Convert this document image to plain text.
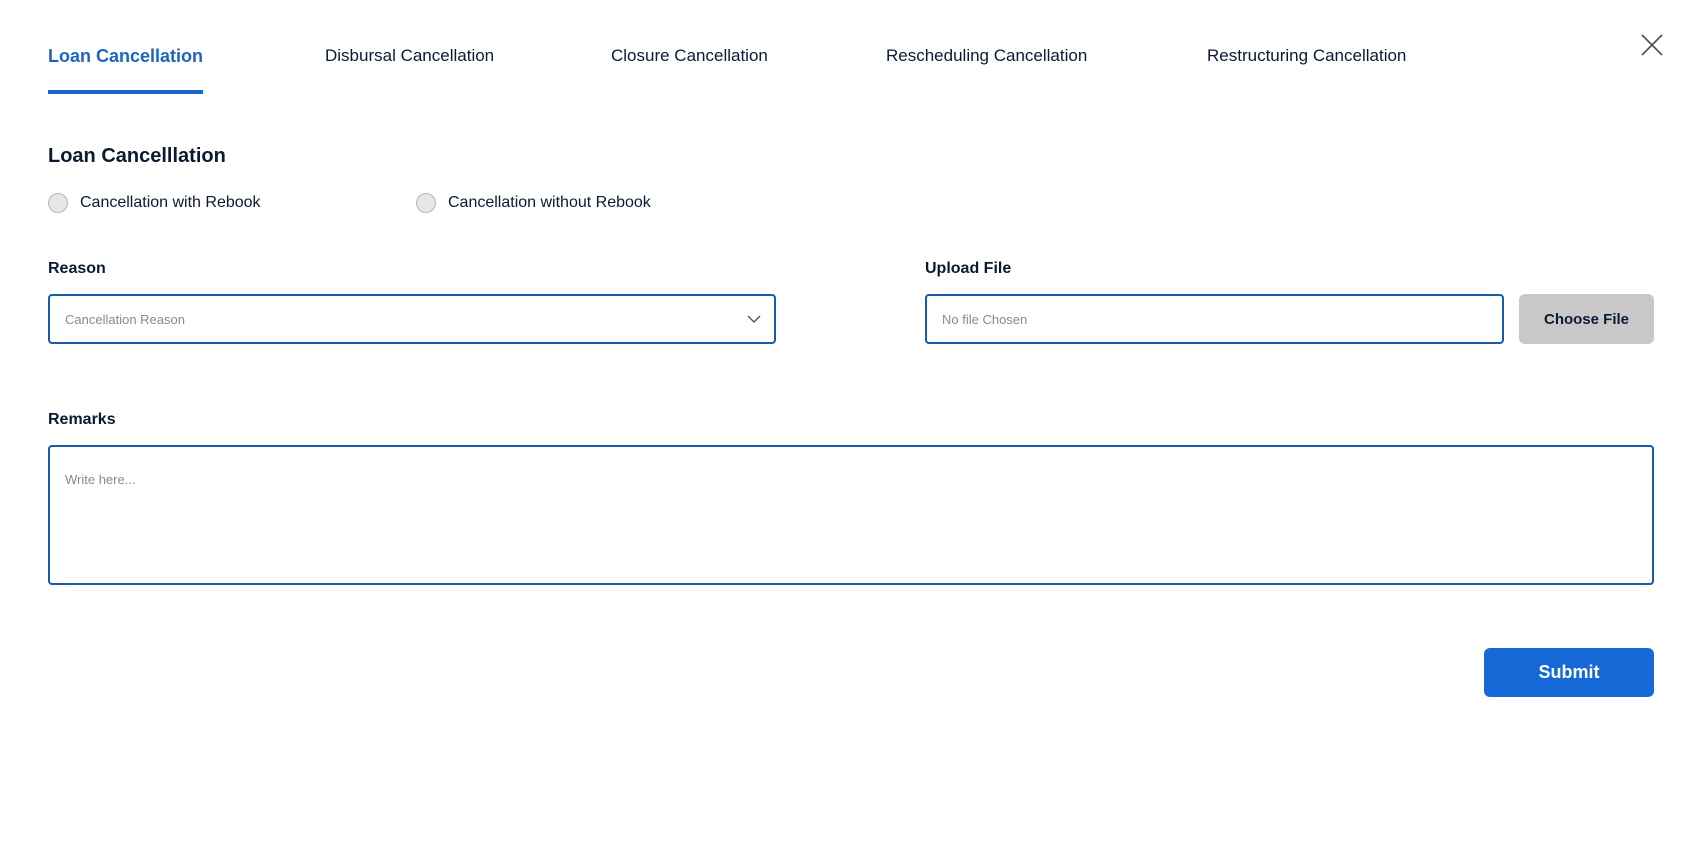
Loan Cancellation	Disbursal Cancellation	Closure Cancellation	Rescheduling Cancellation	Restructuring Cancellation
Loan Cancelllation
Cancellation with Rebook	Cancellation without Rebook
Reason
Cancellation Reason
Upload File
No file Chosen	Choose File
Remarks
Write here...
Submit
